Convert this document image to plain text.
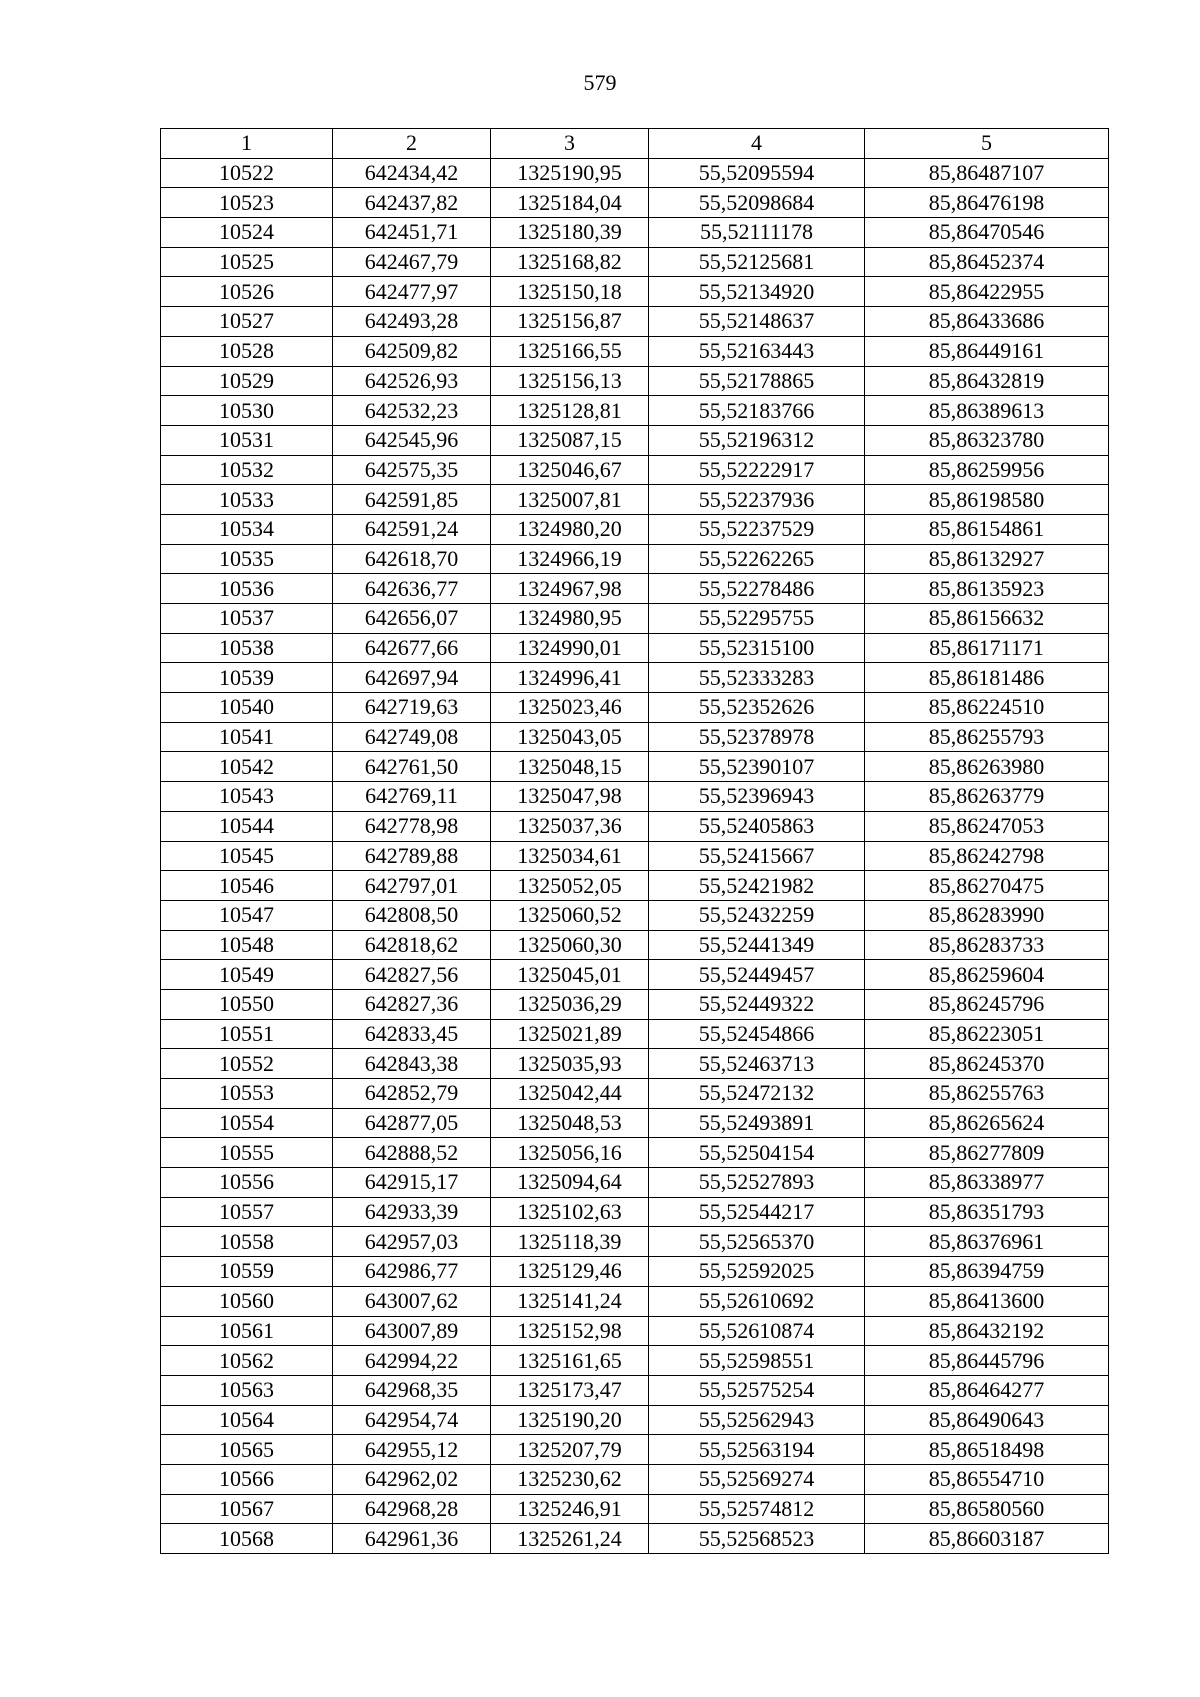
579
1	2	3	4	5
10522	642434,42	1325190,95	55,52095594	85,86487107
10523	642437,82	1325184,04	55,52098684	85,86476198
10524	642451,71	1325180,39	55,52111178	85,86470546
10525	642467,79	1325168,82	55,52125681	85,86452374
10526	642477,97	1325150,18	55,52134920	85,86422955
10527	642493,28	1325156,87	55,52148637	85,86433686
10528	642509,82	1325166,55	55,52163443	85,86449161
10529	642526,93	1325156,13	55,52178865	85,86432819
10530	642532,23	1325128,81	55,52183766	85,86389613
10531	642545,96	1325087,15	55,52196312	85,86323780
10532	642575,35	1325046,67	55,52222917	85,86259956
10533	642591,85	1325007,81	55,52237936	85,86198580
10534	642591,24	1324980,20	55,52237529	85,86154861
10535	642618,70	1324966,19	55,52262265	85,86132927
10536	642636,77	1324967,98	55,52278486	85,86135923
10537	642656,07	1324980,95	55,52295755	85,86156632
10538	642677,66	1324990,01	55,52315100	85,86171171
10539	642697,94	1324996,41	55,52333283	85,86181486
10540	642719,63	1325023,46	55,52352626	85,86224510
10541	642749,08	1325043,05	55,52378978	85,86255793
10542	642761,50	1325048,15	55,52390107	85,86263980
10543	642769,11	1325047,98	55,52396943	85,86263779
10544	642778,98	1325037,36	55,52405863	85,86247053
10545	642789,88	1325034,61	55,52415667	85,86242798
10546	642797,01	1325052,05	55,52421982	85,86270475
10547	642808,50	1325060,52	55,52432259	85,86283990
10548	642818,62	1325060,30	55,52441349	85,86283733
10549	642827,56	1325045,01	55,52449457	85,86259604
10550	642827,36	1325036,29	55,52449322	85,86245796
10551	642833,45	1325021,89	55,52454866	85,86223051
10552	642843,38	1325035,93	55,52463713	85,86245370
10553	642852,79	1325042,44	55,52472132	85,86255763
10554	642877,05	1325048,53	55,52493891	85,86265624
10555	642888,52	1325056,16	55,52504154	85,86277809
10556	642915,17	1325094,64	55,52527893	85,86338977
10557	642933,39	1325102,63	55,52544217	85,86351793
10558	642957,03	1325118,39	55,52565370	85,86376961
10559	642986,77	1325129,46	55,52592025	85,86394759
10560	643007,62	1325141,24	55,52610692	85,86413600
10561	643007,89	1325152,98	55,52610874	85,86432192
10562	642994,22	1325161,65	55,52598551	85,86445796
10563	642968,35	1325173,47	55,52575254	85,86464277
10564	642954,74	1325190,20	55,52562943	85,86490643
10565	642955,12	1325207,79	55,52563194	85,86518498
10566	642962,02	1325230,62	55,52569274	85,86554710
10567	642968,28	1325246,91	55,52574812	85,86580560
10568	642961,36	1325261,24	55,52568523	85,86603187
